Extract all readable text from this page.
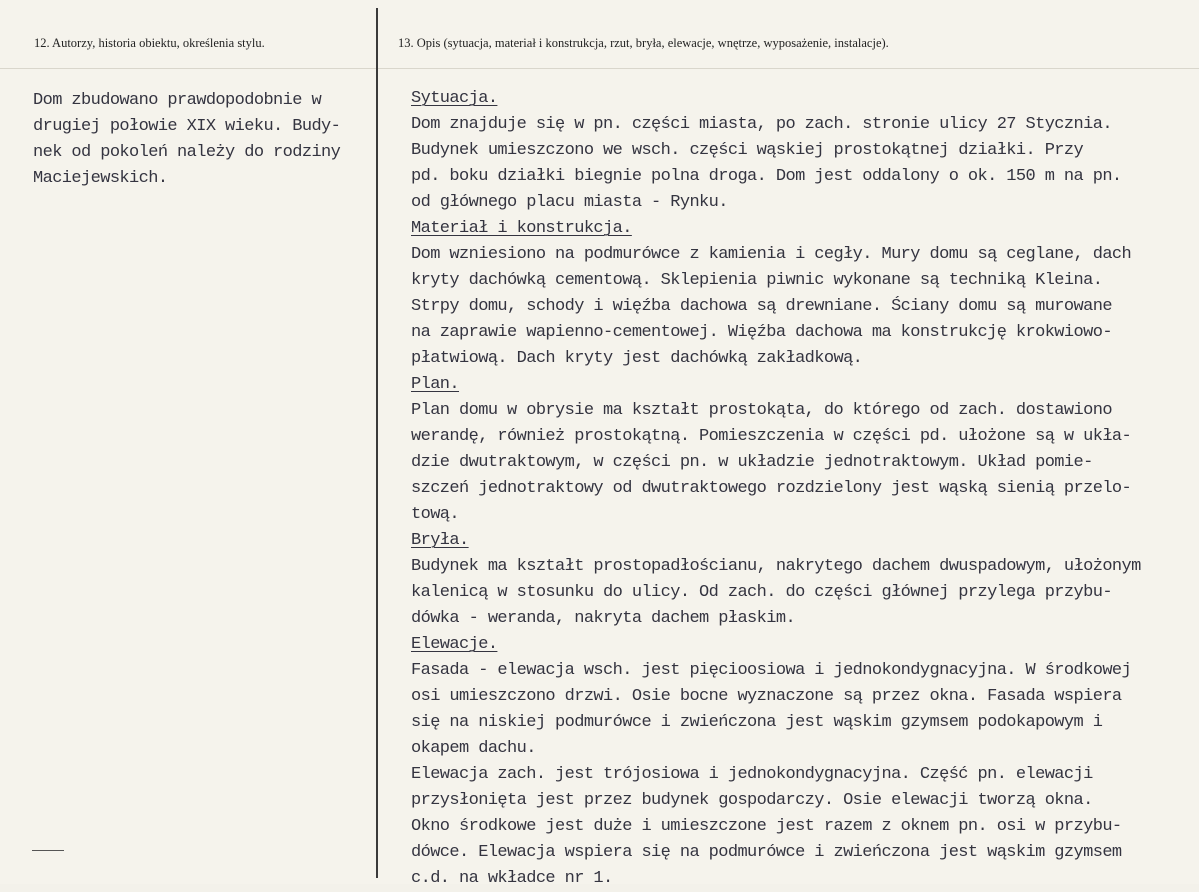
12. Autorzy, historia obiektu, określenia stylu.	13. Opis (sytuacja, materiał i konstrukcja, rzut, bryła, elewacje, wnętrze, wyposażenie, instalacje).
Dom zbudowano prawdopodobnie w
drugiej połowie XIX wieku. Budy-
nek od pokoleń należy do rodziny
Maciejewskich.
Sytuacja.
Dom znajduje się w pn. części miasta, po zach. stronie ulicy 27 Stycznia.
Budynek umieszczono we wsch. części wąskiej prostokątnej działki. Przy
pd. boku działki biegnie polna droga. Dom jest oddalony o ok. 150 m na pn.
od głównego placu miasta - Rynku.
Materiał i konstrukcja.
Dom wzniesiono na podmurówce z kamienia i cegły. Mury domu są ceglane, dach
kryty dachówką cementową. Sklepienia piwnic wykonane są techniką Kleina.
Strpy domu, schody i więźba dachowa są drewniane. Ściany domu są murowane
na zaprawie wapienno-cementowej. Więźba dachowa ma konstrukcję krokwiowo-
płatwiową. Dach kryty jest dachówką zakładkową.
Plan.
Plan domu w obrysie ma kształt prostokąta, do którego od zach. dostawiono
werandę, również prostokątną. Pomieszczenia w części pd. ułożone są w ukła-
dzie dwutraktowym, w części pn. w układzie jednotraktowym. Układ pomie-
szczeń jednotraktowy od dwutraktowego rozdzielony jest wąską sienią przelo-
tową.
Bryła.
Budynek ma kształt prostopadłościanu, nakrytego dachem dwuspadowym, ułożonym
kalenicą w stosunku do ulicy. Od zach. do części głównej przylega przybu-
dówka - weranda, nakryta dachem płaskim.
Elewacje.
Fasada - elewacja wsch. jest pięcioosiowa i jednokondygnacyjna. W środkowej
osi umieszczono drzwi. Osie bocne wyznaczone są przez okna. Fasada wspiera
się na niskiej podmurówce i zwieńczona jest wąskim gzymsem podokapowym i
okapem dachu.
Elewacja zach. jest trójosiowa i jednokondygnacyjna. Część pn. elewacji
przysłonięta jest przez budynek gospodarczy. Osie elewacji tworzą okna.
Okno środkowe jest duże i umieszczone jest razem z oknem pn. osi w przybu-
dówce. Elewacja wspiera się na podmurówce i zwieńczona jest wąskim gzymsem
c.d. na wkładce nr 1.
